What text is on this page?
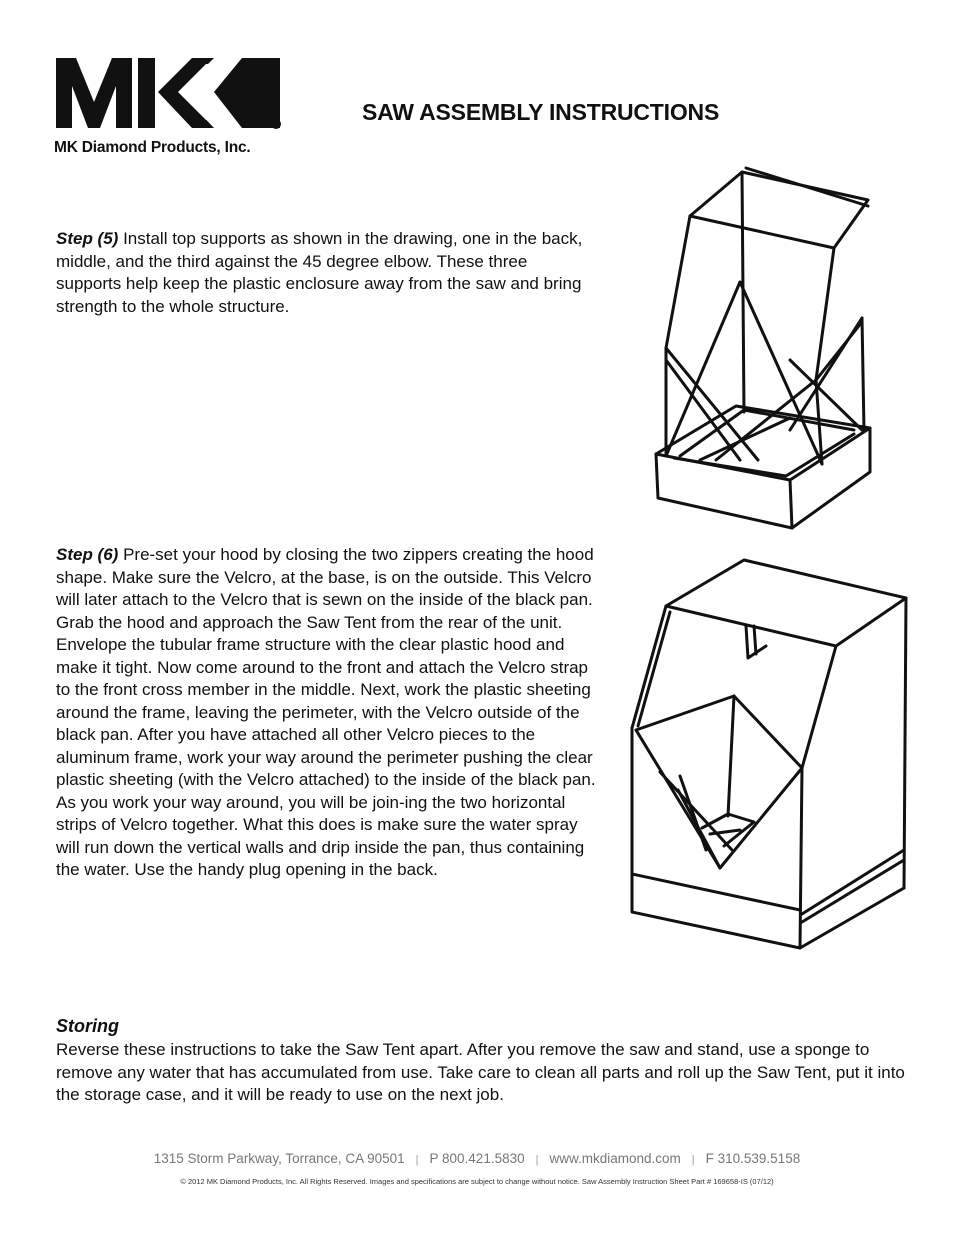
R
MK Diamond Products, Inc.
SAW ASSEMBLY INSTRUCTIONS

Step (5) Install top supports as shown in the drawing, one in the back, middle, and the third against the 45 degree elbow. These three supports help keep the plastic enclosure away from the saw and bring strength to the whole structure.

Step (6) Pre-set your hood by closing the two zippers creating the hood shape. Make sure the Velcro, at the base, is on the outside. This Velcro will later attach to the Velcro that is sewn on the inside of the black pan. Grab the hood and approach the Saw Tent from the rear of the unit. Envelope the tubular frame structure with the clear plastic hood and make it tight. Now come around to the front and attach the Velcro strap to the front cross member in the middle. Next, work the plastic sheeting around the frame, leaving the perimeter, with the Velcro outside of the black pan. After you have attached all other Velcro pieces to the aluminum frame, work your way around the perimeter pushing the clear plastic sheeting (with the Velcro attached) to the inside of the black pan. As you work your way around, you will be join-ing the two horizontal strips of Velcro together. What this does is make sure the water spray will run down the vertical walls and drip inside the pan, thus containing the water. Use the handy plug opening in the back.

Storing

Reverse these instructions to take the Saw Tent apart. After you remove the saw and stand, use a sponge to remove any water that has accumulated from use. Take care to clean all parts and roll up the Saw Tent, put it into the storage case, and it will be ready to use on the next job.

1315 Storm Parkway, Torrance, CA 90501 | P 800.421.5830 | www.mkdiamond.com | F 310.539.5158
© 2012 MK Diamond Products, Inc. All Rights Reserved. Images and specifications are subject to change without notice. Saw Assembly Instruction Sheet Part # 169658-IS (07/12)
